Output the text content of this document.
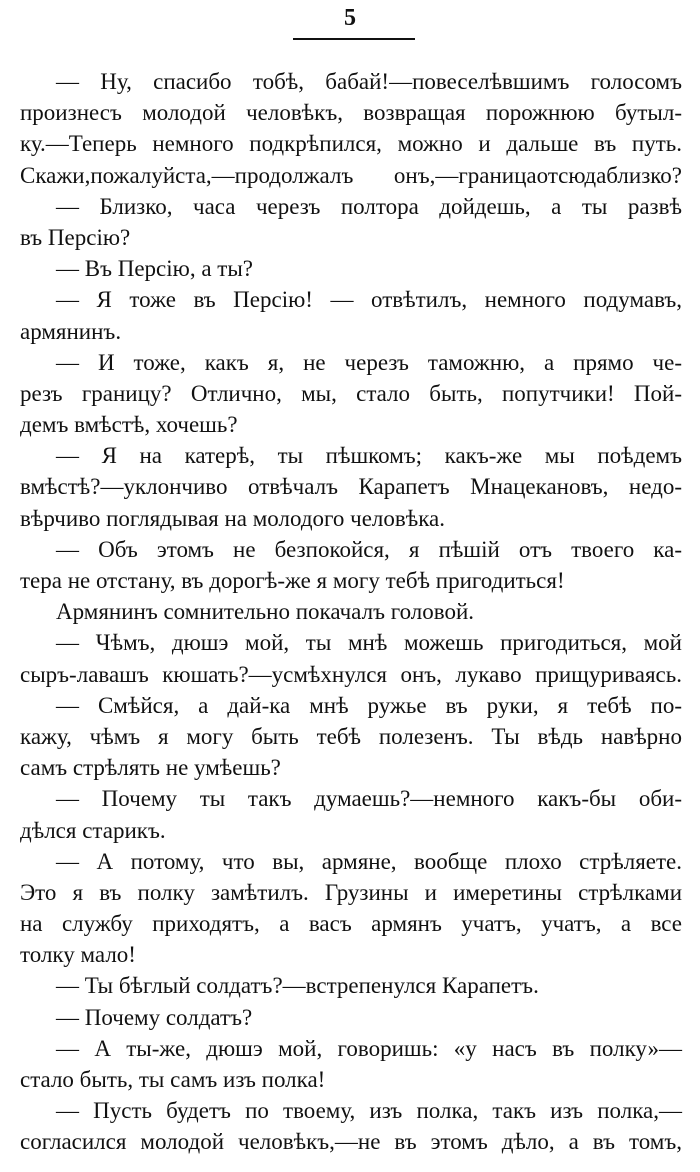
5
— Ну, спасибо тобѣ, бабай!—повеселѣвшимъ голосомъ
произнесъ молодой человѣкъ, возвращая порожнюю бутыл-
ку.—Теперь немного подкрѣпился, можно и дальше въ путь.
Скажи,пожалуйста,—продолжалъ онъ,—границаотсюдаблизко?
— Близко, часа черезъ полтора дойдешь, а ты развѣ
въ Персію?
— Въ Персію, а ты?
— Я тоже въ Персію! — отвѣтилъ, немного подумавъ,
армянинъ.
— И тоже, какъ я, не черезъ таможню, а прямо че-
резъ границу? Отлично, мы, стало быть, попутчики! Пой-
демъ вмѣстѣ, хочешь?
— Я на катерѣ, ты пѣшкомъ; какъ-же мы поѣдемъ
вмѣстѣ?—уклончиво отвѣчалъ Карапетъ Мнацекановъ, недо-
вѣрчиво поглядывая на молодого человѣка.
— Объ этомъ не безпокойся, я пѣшій отъ твоего ка-
тера не отстану, въ дорогѣ-же я могу тебѣ пригодиться!
Армянинъ сомнительно покачалъ головой.
— Чѣмъ, дюшэ мой, ты мнѣ можешь пригодиться, мой
сыръ-лавашъ кюшать?—усмѣхнулся онъ, лукаво прищуриваясь.
— Смѣйся, а дай-ка мнѣ ружье въ руки, я тебѣ по-
кажу, чѣмъ я могу быть тебѣ полезенъ. Ты вѣдь навѣрно
самъ стрѣлять не умѣешь?
— Почему ты такъ думаешь?—немного какъ-бы оби-
дѣлся старикъ.
— А потому, что вы, армяне, вообще плохо стрѣляете.
Это я въ полку замѣтилъ. Грузины и имеретины стрѣлками
на службу приходятъ, а васъ армянъ учатъ, учатъ, а все
толку мало!
— Ты бѣглый солдатъ?—встрепенулся Карапетъ.
— Почему солдатъ?
— А ты-же, дюшэ мой, говоришь: «у насъ въ полку»—
стало быть, ты самъ изъ полка!
— Пусть будетъ по твоему, изъ полка, такъ изъ полка,—
согласился молодой человѣкъ,—не въ этомъ дѣло, а въ томъ,
